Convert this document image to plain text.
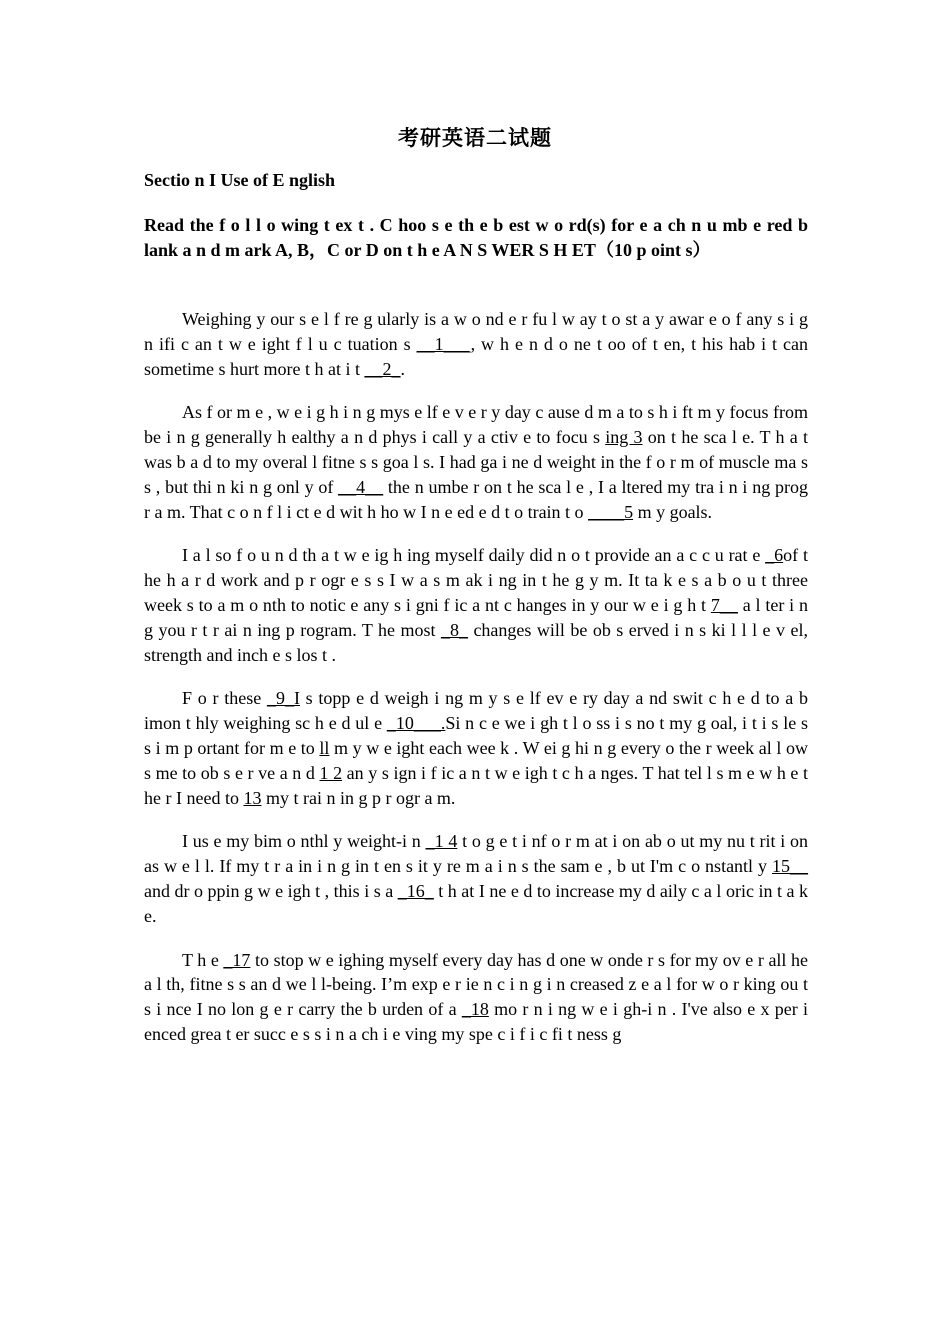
考研英语二试题
Sectio n I Use of E nglish
Read the f o l l o wing t ex t . C hoo s e th e b est w o rd(s) for e a ch n u mb e red b lank a n d m ark A, B，C or D on t h e A N S WER S H ET（10 p oint s）

Weighing y our s e l f re g ularly is a w o nd e r fu l w ay t o st a y awar e o f any s i g n ifi c an t w e ight f l u c tuation s __1___, w h e n d o ne t oo of t en, t his hab i t can sometime s hurt more t h at i t __2_.

As f or m e , w e i g h i n g mys e lf e v e r y day c ause d m a to s h i ft m y focus from be i n g generally h ealthy a n d phys i call y a ctiv e to focu s ing 3 on t he sca l e. T h a t was b a d to my overal l fitne s s goa l s. I had ga i ne d weight in the f o r m of muscle ma s s , but thi n ki n g onl y of __4__ the n umbe r on t he sca l e , I a ltered my tra i n i ng prog r a m. That c o n f l i ct e d wit h ho w I n e ed e d t o train t o ____5 m y goals.

I a l so f o u n d th a t w e ig h ing myself daily did n o t provide an a c c u rat e _6of t he h a r d work and p r ogr e s s I w a s m ak i ng in t he g y m. It ta k e s a b o u t three week s to a m o nth to notic e any s i gni f ic a nt c hanges in y our w e i g h t 7__ a l ter i n g you r t r ai n ing p rogram. T he most _8_ changes will be ob s erved i n s ki l l l e v el, strength and inch e s los t .

F o r these _9_I s topp e d weigh i ng m y s e lf ev e ry day a nd swit c h e d to a b imon t hly weighing sc h e d ul e _10___.Si n c e we i gh t l o ss i s no t my g oal, i t i s le s s i m p ortant for m e to ll m y w e ight each wee k . W ei g hi n g every o the r week al l ow s me to ob s e r ve a n d 1 2 an y s ign i f ic a n t w e igh t c h a nges. T hat tel l s m e w h e t he r I need to 13 my t rai n in g p r ogr a m.

I us e my bim o nthl y weight-i n _1 4 t o g e t i nf o r m at i on ab o ut my nu t rit i on as w e l l. If my t r a in i n g in t en s it y re m a i n s the sam e , b ut I'm c o nstantl y 15__ and dr o ppin g w e igh t , this i s a _16_ t h at I ne e d to increase my d aily c a l oric in t a k e.

T h e _17 to stop w e ighing myself every day has d one w onde r s for my ov e r all he a l th, fitne s s an d we l l-being. I’m exp e r ie n c i n g i n creased z e a l for w o r king ou t s i nce I no lon g e r carry the b urden of a _18 mo r n i ng w e i gh-i n . I've also e x per i enced grea t er succ e s s i n a ch i e ving my spe c i f i c fi t ness g
